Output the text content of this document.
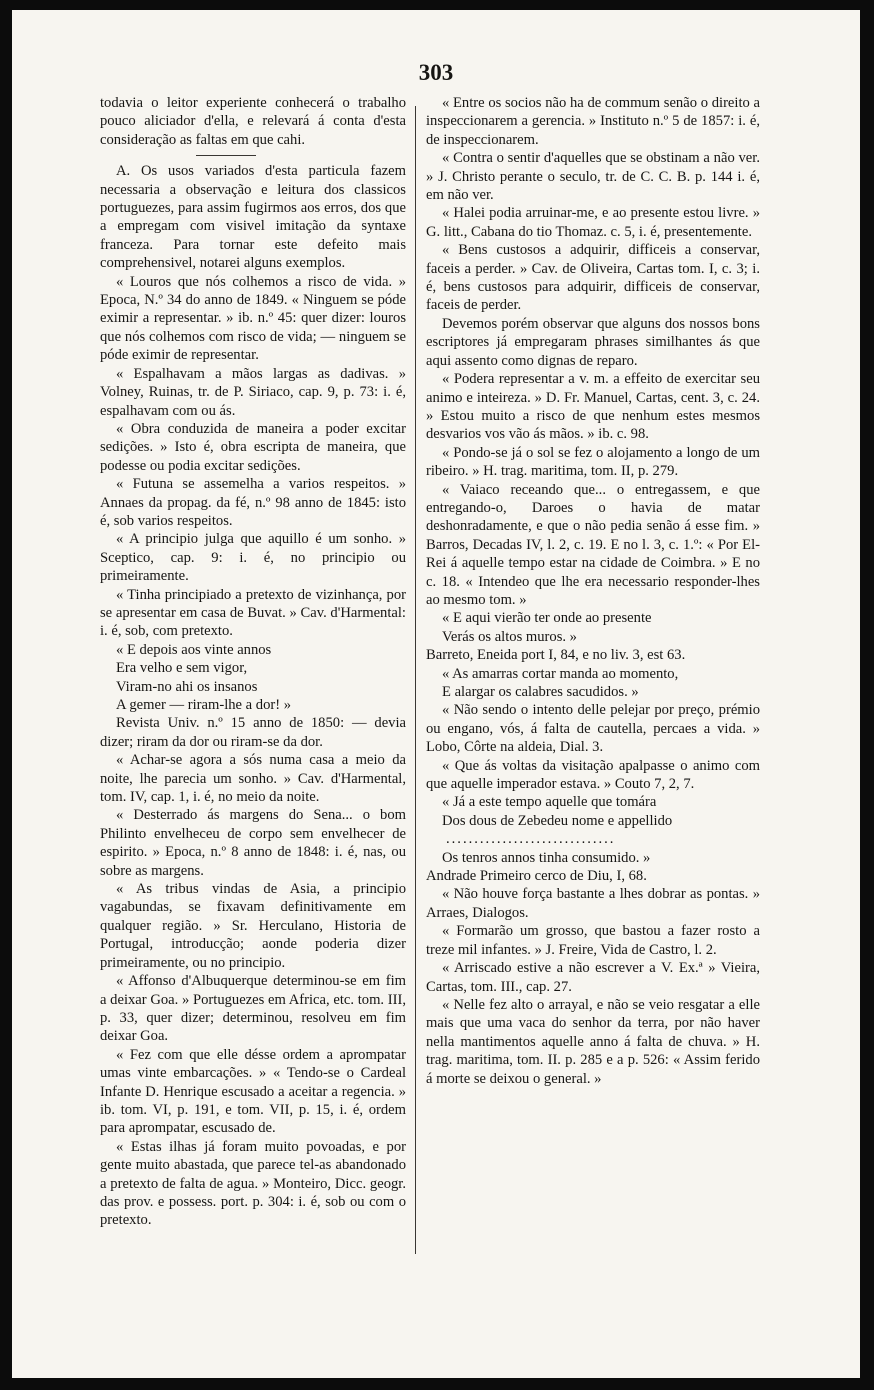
303

todavia o leitor experiente conhecerá o trabalho pouco aliciador d'ella, e relevará á conta d'esta consideração as faltas em que cahi.

A. Os usos variados d'esta particula fazem necessaria a observação e leitura dos classicos portuguezes, para assim fugirmos aos erros, dos que a empregam com visivel imitação da syntaxe franceza. Para tornar este defeito mais comprehensivel, notarei alguns exemplos.

« Louros que nós colhemos a risco de vida. » Epoca, N.º 34 do anno de 1849. « Ninguem se póde eximir a representar. » ib. n.º 45: quer dizer: louros que nós colhemos com risco de vida; — ninguem se póde eximir de representar.

« Espalhavam a mãos largas as dadivas. » Volney, Ruinas, tr. de P. Siriaco, cap. 9, p. 73: i. é, espalhavam com ou ás.

« Obra conduzida de maneira a poder excitar sedições. » Isto é, obra escripta de maneira, que podesse ou podia excitar sedições.

« Futuna se assemelha a varios respeitos. » Annaes da propag. da fé, n.º 98 anno de 1845: isto é, sob varios respeitos.

« A principio julga que aquillo é um sonho. » Sceptico, cap. 9: i. é, no principio ou primeiramente.

« Tinha principiado a pretexto de vizinhança, por se apresentar em casa de Buvat. » Cav. d'Harmental: i. é, sob, com pretexto.

« E depois aos vinte annos

Era velho e sem vigor,

Viram-no ahi os insanos

A gemer — riram-lhe a dor! »

Revista Univ. n.º 15 anno de 1850: — devia dizer; riram da dor ou riram-se da dor.

« Achar-se agora a sós numa casa a meio da noite, lhe parecia um sonho. » Cav. d'Harmental, tom. IV, cap. 1, i. é, no meio da noite.

« Desterrado ás margens do Sena... o bom Philinto envelheceu de corpo sem envelhecer de espirito. » Epoca, n.º 8 anno de 1848: i. é, nas, ou sobre as margens.

« As tribus vindas de Asia, a principio vagabundas, se fixavam definitivamente em qualquer região. » Sr. Herculano, Historia de Portugal, introducção; aonde poderia dizer primeiramente, ou no principio.

« Affonso d'Albuquerque determinou-se em fim a deixar Goa. » Portuguezes em Africa, etc. tom. III, p. 33, quer dizer; determinou, resolveu em fim deixar Goa.

« Fez com que elle désse ordem a aprompatar umas vinte embarcações. » « Tendo-se o Cardeal Infante D. Henrique escusado a aceitar a regencia. » ib. tom. VI, p. 191, e tom. VII, p. 15, i. é, ordem para aprompatar, escusado de.

« Estas ilhas já foram muito povoadas, e por gente muito abastada, que parece tel-as abandonado a pretexto de falta de agua. » Monteiro, Dicc. geogr. das prov. e possess. port. p. 304: i. é, sob ou com o pretexto.

« Entre os socios não ha de commum senão o direito a inspeccionarem a gerencia. » Instituto n.º 5 de 1857: i. é, de inspeccionarem.

« Contra o sentir d'aquelles que se obstinam a não ver. » J. Christo perante o seculo, tr. de C. C. B. p. 144 i. é, em não ver.

« Halei podia arruinar-me, e ao presente estou livre. » G. litt., Cabana do tio Thomaz. c. 5, i. é, presentemente.

« Bens custosos a adquirir, difficeis a conservar, faceis a perder. » Cav. de Oliveira, Cartas tom. I, c. 3; i. é, bens custosos para adquirir, difficeis de conservar, faceis de perder.

Devemos porém observar que alguns dos nossos bons escriptores já empregaram phrases similhantes ás que aqui assento como dignas de reparo.

« Podera representar a v. m. a effeito de exercitar seu animo e inteireza. » D. Fr. Manuel, Cartas, cent. 3, c. 24. » Estou muito a risco de que nenhum estes mesmos desvarios vos vão ás mãos. » ib. c. 98.

« Pondo-se já o sol se fez o alojamento a longo de um ribeiro. » H. trag. maritima, tom. II, p. 279.

« Vaiaco receando que... o entregassem, e que entregando-o, Daroes o havia de matar deshonradamente, e que o não pedia senão á esse fim. » Barros, Decadas IV, l. 2, c. 19. E no l. 3, c. 1.º: « Por El-Rei á aquelle tempo estar na cidade de Coimbra. » E no c. 18. « Intendeo que lhe era necessario responder-lhes ao mesmo tom. »

« E aqui vierão ter onde ao presente

Verás os altos muros. »

Barreto, Eneida port I, 84, e no liv. 3, est 63.

« As amarras cortar manda ao momento,

E alargar os calabres sacudidos. »

« Não sendo o intento delle pelejar por preço, prémio ou engano, vós, á falta de cautella, percaes a vida. » Lobo, Côrte na aldeia, Dial. 3.

« Que ás voltas da visitação apalpasse o animo com que aquelle imperador estava. » Couto 7, 2, 7.

« Já a este tempo aquelle que tomára

Dos dous de Zebedeu nome e appellido

..............................

Os tenros annos tinha consumido. »

Andrade Primeiro cerco de Diu, I, 68.

« Não houve força bastante a lhes dobrar as pontas. » Arraes, Dialogos.

« Formarão um grosso, que bastou a fazer rosto a treze mil infantes. » J. Freire, Vida de Castro, l. 2.

« Arriscado estive a não escrever a V. Ex.ª » Vieira, Cartas, tom. III., cap. 27.

« Nelle fez alto o arrayal, e não se veio resgatar a elle mais que uma vaca do senhor da terra, por não haver nella mantimentos aquelle anno á falta de chuva. » H. trag. maritima, tom. II. p. 285 e a p. 526: « Assim ferido á morte se deixou o general. »
